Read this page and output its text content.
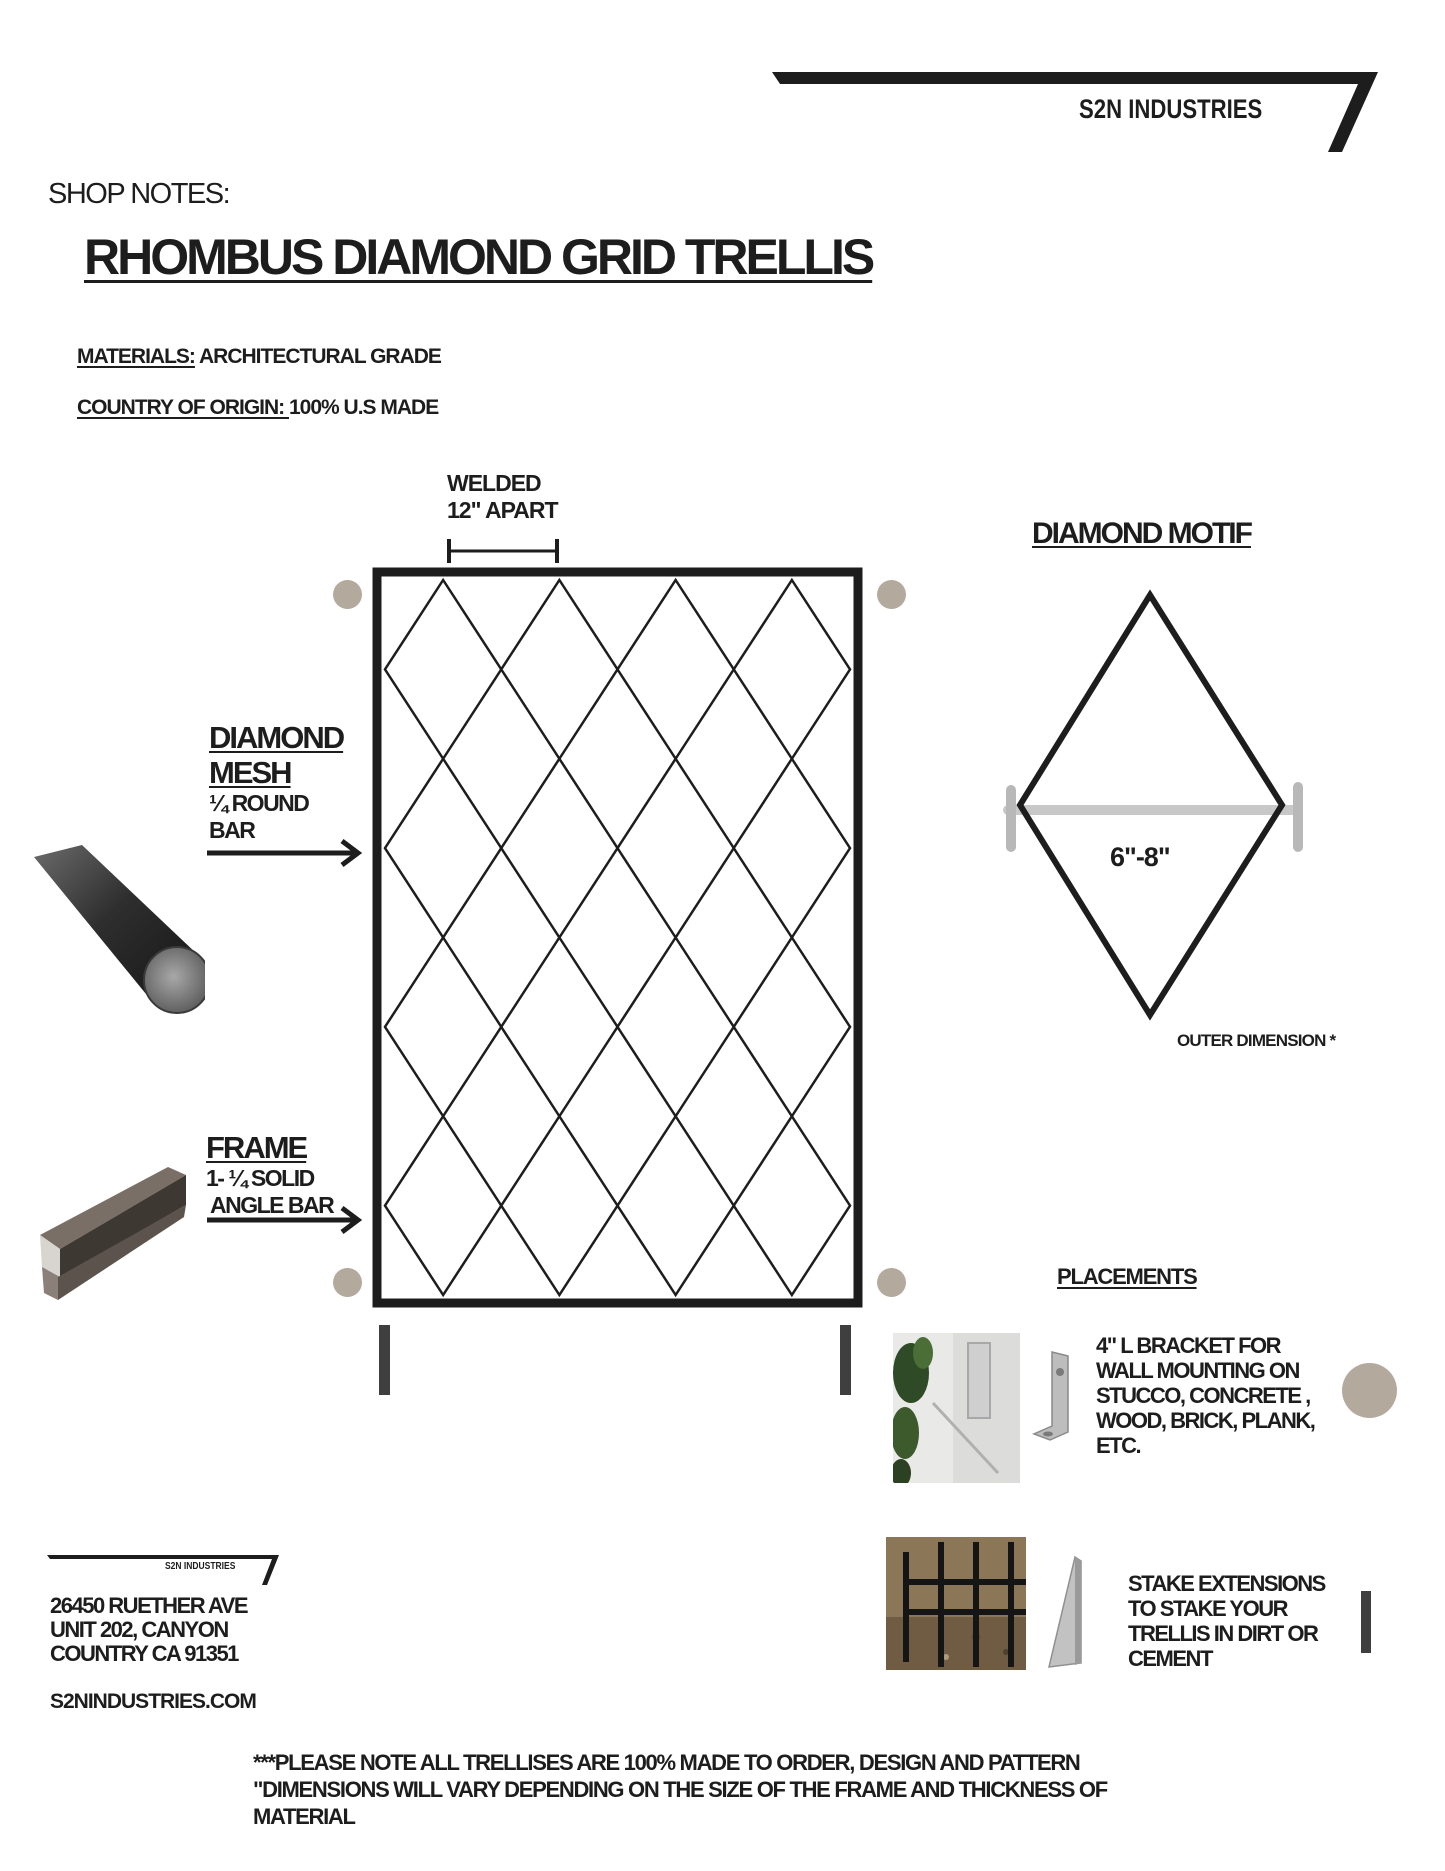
S2N INDUSTRIES
SHOP NOTES:
RHOMBUS DIAMOND GRID TRELLIS
MATERIALS: ARCHITECTURAL GRADE
COUNTRY OF ORIGIN: 100% U.S MADE
WELDED
12" APART
DIAMOND
MESH
¼ ROUND
BAR
FRAME
1- ¼ SOLID
ANGLE BAR
DIAMOND MOTIF
6"-8"
OUTER DIMENSION *
PLACEMENTS
4" L BRACKET FOR
WALL MOUNTING ON
STUCCO, CONCRETE ,
WOOD, BRICK, PLANK,
ETC.
STAKE EXTENSIONS
TO STAKE YOUR
TRELLIS IN DIRT OR
CEMENT
S2N INDUSTRIES
26450 RUETHER AVE
UNIT 202, CANYON
COUNTRY CA 91351
S2NINDUSTRIES.COM
***PLEASE NOTE ALL TRELLISES ARE 100% MADE TO ORDER, DESIGN AND PATTERN
"DIMENSIONS WILL VARY DEPENDING ON THE SIZE OF THE FRAME AND THICKNESS OF
MATERIAL
